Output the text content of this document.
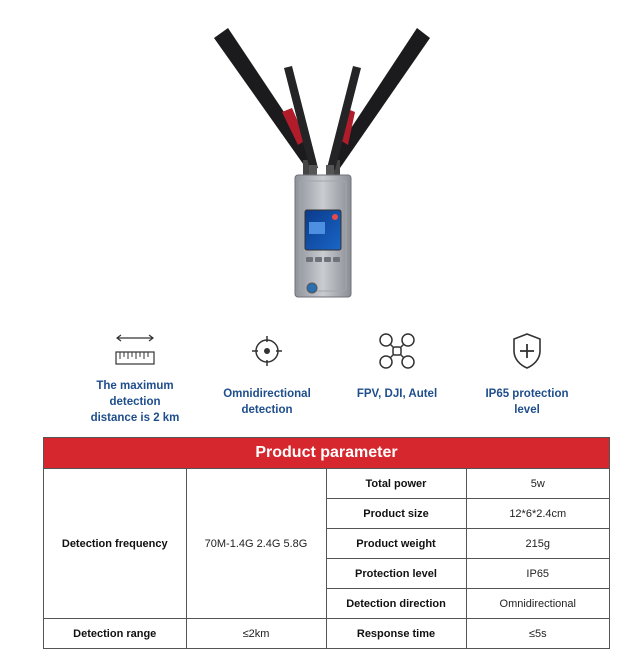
The maximum
detection
distance is 2 km
Omnidirectional
detection
FPV, DJI, Autel	IP65 protection
level
Product parameter
Detection frequency	70M-1.4G 2.4G 5.8G	Total power	5w
		Product size	12*6*2.4cm
		Product weight	215g
		Protection level	IP65
		Detection direction	Omnidirectional
Detection range	≤2km	Response time	≤5s
